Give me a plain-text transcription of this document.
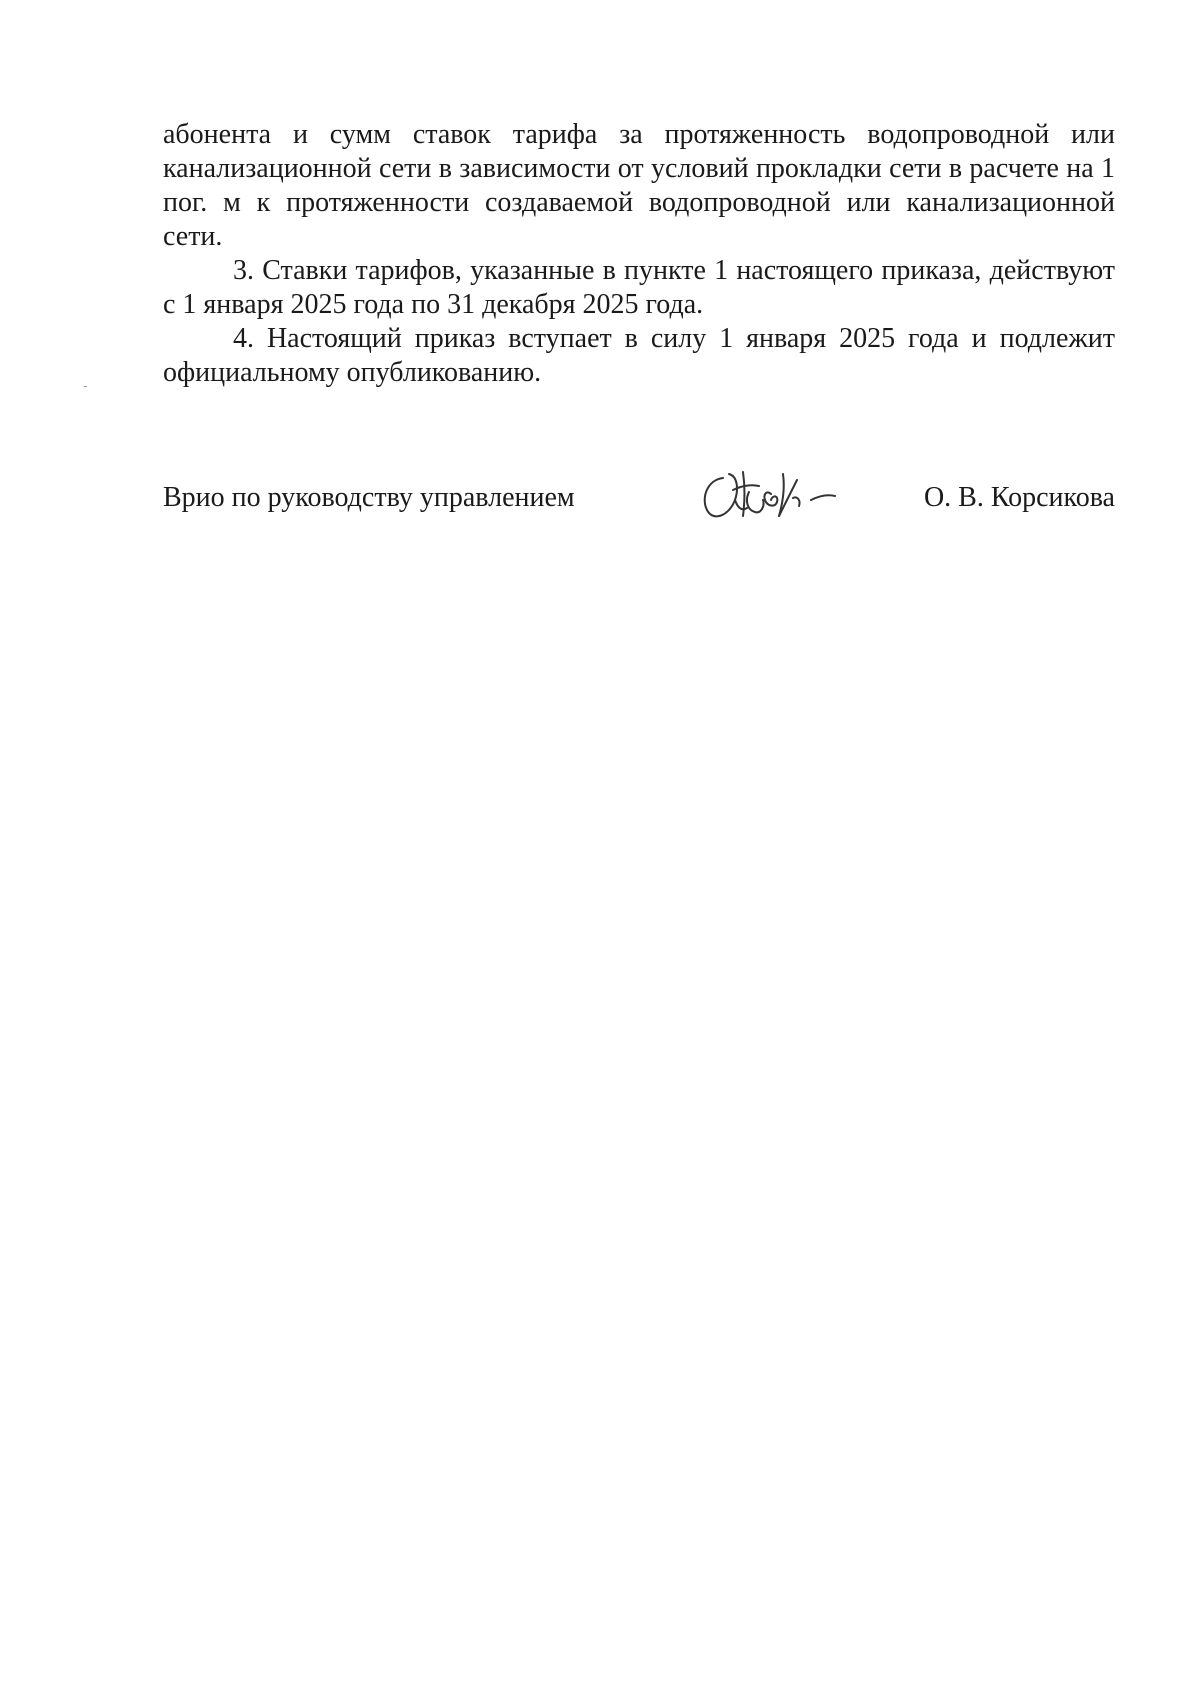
абонента и сумм ставок тарифа за протяженность водопроводной или канализационной сети в зависимости от условий прокладки сети в расчете на 1 пог. м к протяженности создаваемой водопроводной или канализационной сети.

3. Ставки тарифов, указанные в пункте 1 настоящего приказа, действуют с 1 января 2025 года по 31 декабря 2025 года.

4. Настоящий приказ вступает в силу 1 января 2025 года и подлежит официальному опубликованию.

Врио по руководству управлением	О. В. Корсикова
